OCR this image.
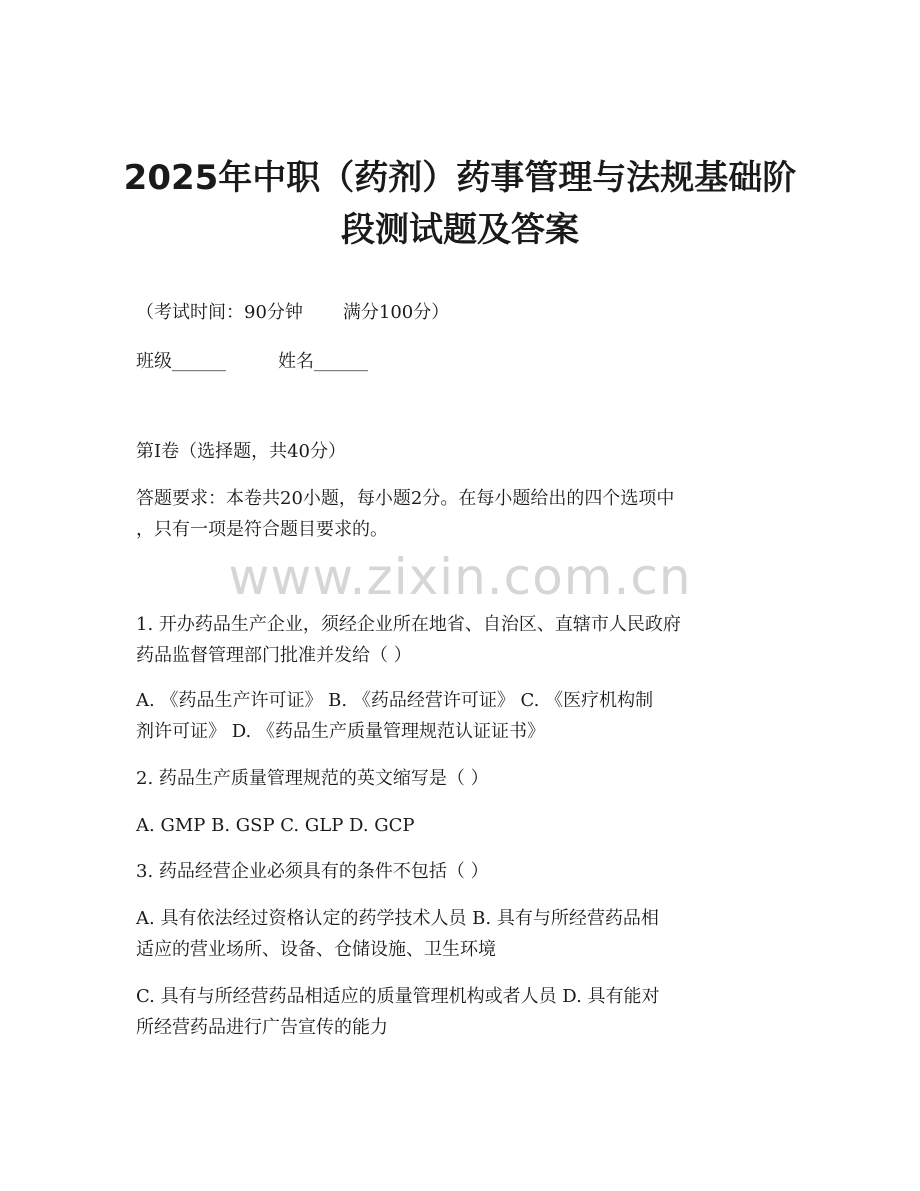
2025年中职（药剂）药事管理与法规基础阶
段测试题及答案
（考试时间：90分钟 满分100分）
班级______	姓名______
第I卷（选择题，共40分）
答题要求：本卷共20小题，每小题2分。在每小题给出的四个选项中
，只有一项是符合题目要求的。
www.zixin.com.cn
1. 开办药品生产企业，须经企业所在地省、自治区、直辖市人民政府
药品监督管理部门批准并发给（ ）
A. 《药品生产许可证》 B. 《药品经营许可证》 C. 《医疗机构制
剂许可证》 D. 《药品生产质量管理规范认证证书》
2. 药品生产质量管理规范的英文缩写是（ ）
A. GMP B. GSP C. GLP D. GCP
3. 药品经营企业必须具有的条件不包括（ ）
A. 具有依法经过资格认定的药学技术人员 B. 具有与所经营药品相
适应的营业场所、设备、仓储设施、卫生环境
C. 具有与所经营药品相适应的质量管理机构或者人员 D. 具有能对
所经营药品进行广告宣传的能力
